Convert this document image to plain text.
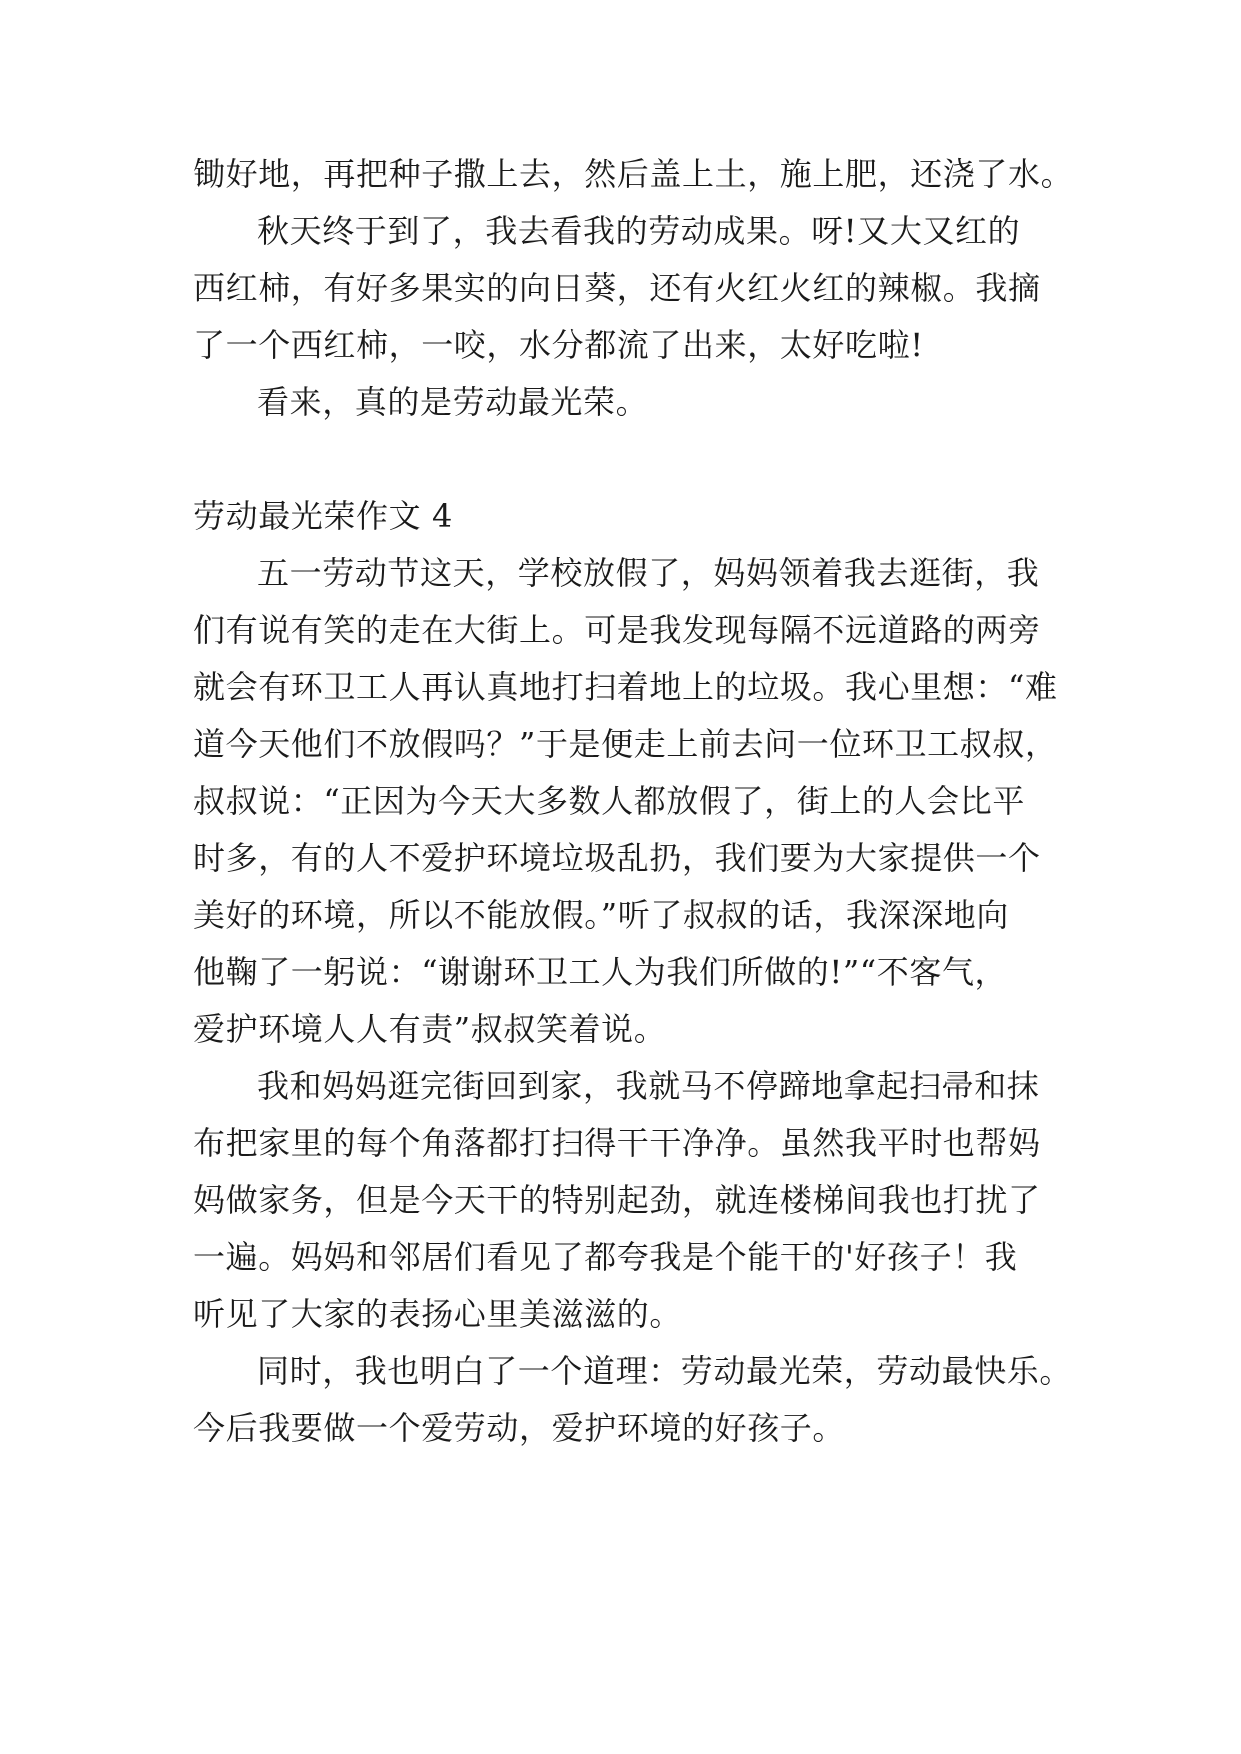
锄好地，再把种子撒上去，然后盖上土，施上肥，还浇了水。

秋天终于到了，我去看我的劳动成果。呀!又大又红的
西红柿，有好多果实的向日葵，还有火红火红的辣椒。我摘
了一个西红柿，一咬，水分都流了出来，太好吃啦!

看来，真的是劳动最光荣。

劳动最光荣作文 4

五一劳动节这天，学校放假了，妈妈领着我去逛街，我
们有说有笑的走在大街上。可是我发现每隔不远道路的两旁
就会有环卫工人再认真地打扫着地上的垃圾。我心里想：“难
道今天他们不放假吗？”于是便走上前去问一位环卫工叔叔，
叔叔说：“正因为今天大多数人都放假了，街上的人会比平
时多，有的人不爱护环境垃圾乱扔，我们要为大家提供一个
美好的环境，所以不能放假。”听了叔叔的话，我深深地向
他鞠了一躬说：“谢谢环卫工人为我们所做的!”“不客气，
爱护环境人人有责”叔叔笑着说。

我和妈妈逛完街回到家，我就马不停蹄地拿起扫帚和抹
布把家里的每个角落都打扫得干干净净。虽然我平时也帮妈
妈做家务，但是今天干的特别起劲，就连楼梯间我也打扰了
一遍。妈妈和邻居们看见了都夸我是个能干的'好孩子！我
听见了大家的表扬心里美滋滋的。

同时，我也明白了一个道理：劳动最光荣，劳动最快乐。
今后我要做一个爱劳动，爱护环境的好孩子。
